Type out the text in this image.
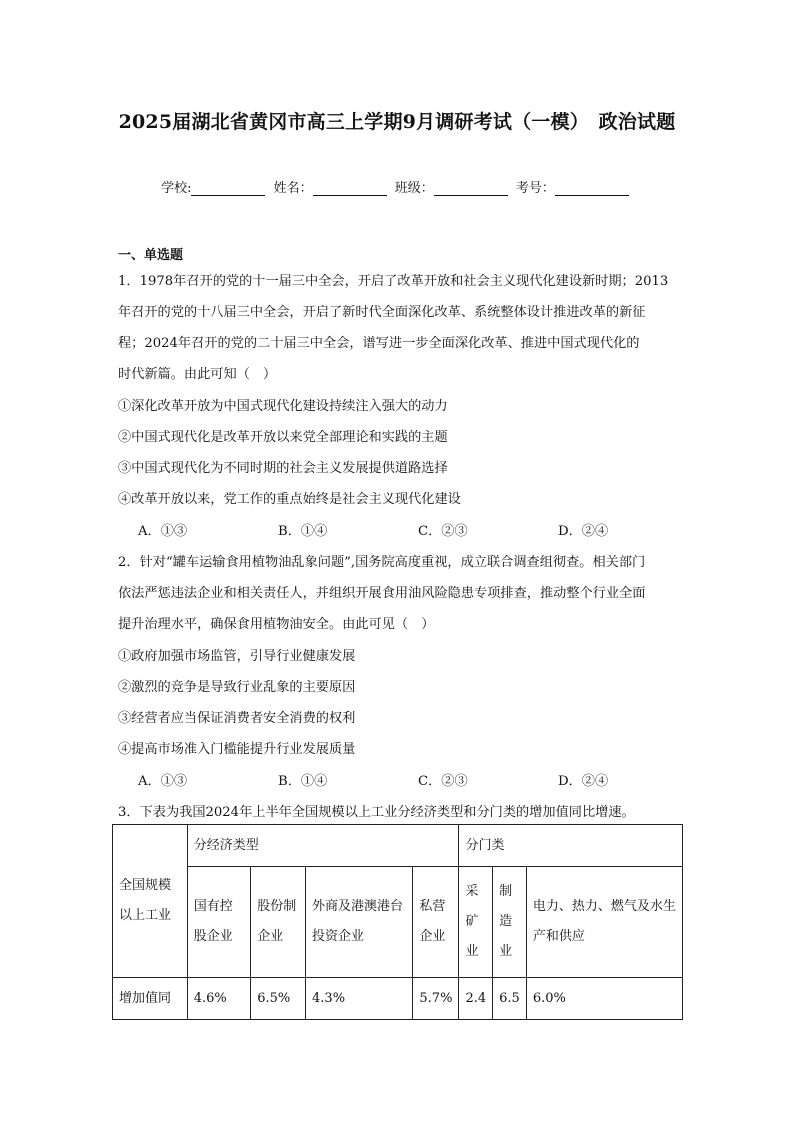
2025届湖北省黄冈市高三上学期9月调研考试（一模）　政治试题
学校:	姓名：	班级：	考号：
一、单选题
1．1978年召开的党的十一届三中全会，开启了改革开放和社会主义现代化建设新时期；2013
年召开的党的十八届三中全会，开启了新时代全面深化改革、系统整体设计推进改革的新征
程；2024年召开的党的二十届三中全会，谱写进一步全面深化改革、推进中国式现代化的
时代新篇。由此可知（　）
①深化改革开放为中国式现代化建设持续注入强大的动力
②中国式现代化是改革开放以来党全部理论和实践的主题
③中国式现代化为不同时期的社会主义发展提供道路选择
④改革开放以来，党工作的重点始终是社会主义现代化建设
A．①③	B．①④	C．②③	D．②④
2．针对“罐车运输食用植物油乱象问题”,国务院高度重视，成立联合调查组彻查。相关部门
依法严惩违法企业和相关责任人，并组织开展食用油风险隐患专项排查，推动整个行业全面
提升治理水平，确保食用植物油安全。由此可见（　）
①政府加强市场监管，引导行业健康发展
②激烈的竞争是导致行业乱象的主要原因
③经营者应当保证消费者安全消费的权利
④提高市场准入门槛能提升行业发展质量
A．①③	B．①④	C．②③	D．②④
3．下表为我国2024年上半年全国规模以上工业分经济类型和分门类的增加值同比增速。
全国规模以上工业	分经济类型				分门类		
	国有控股企业	股份制企业	外商及港澳港台投资企业	私营企业	采矿业	制造业	电力、热力、燃气及水生产和供应
增加值同	4.6%	6.5%	4.3%	5.7%	2.4	6.5	6.0%
